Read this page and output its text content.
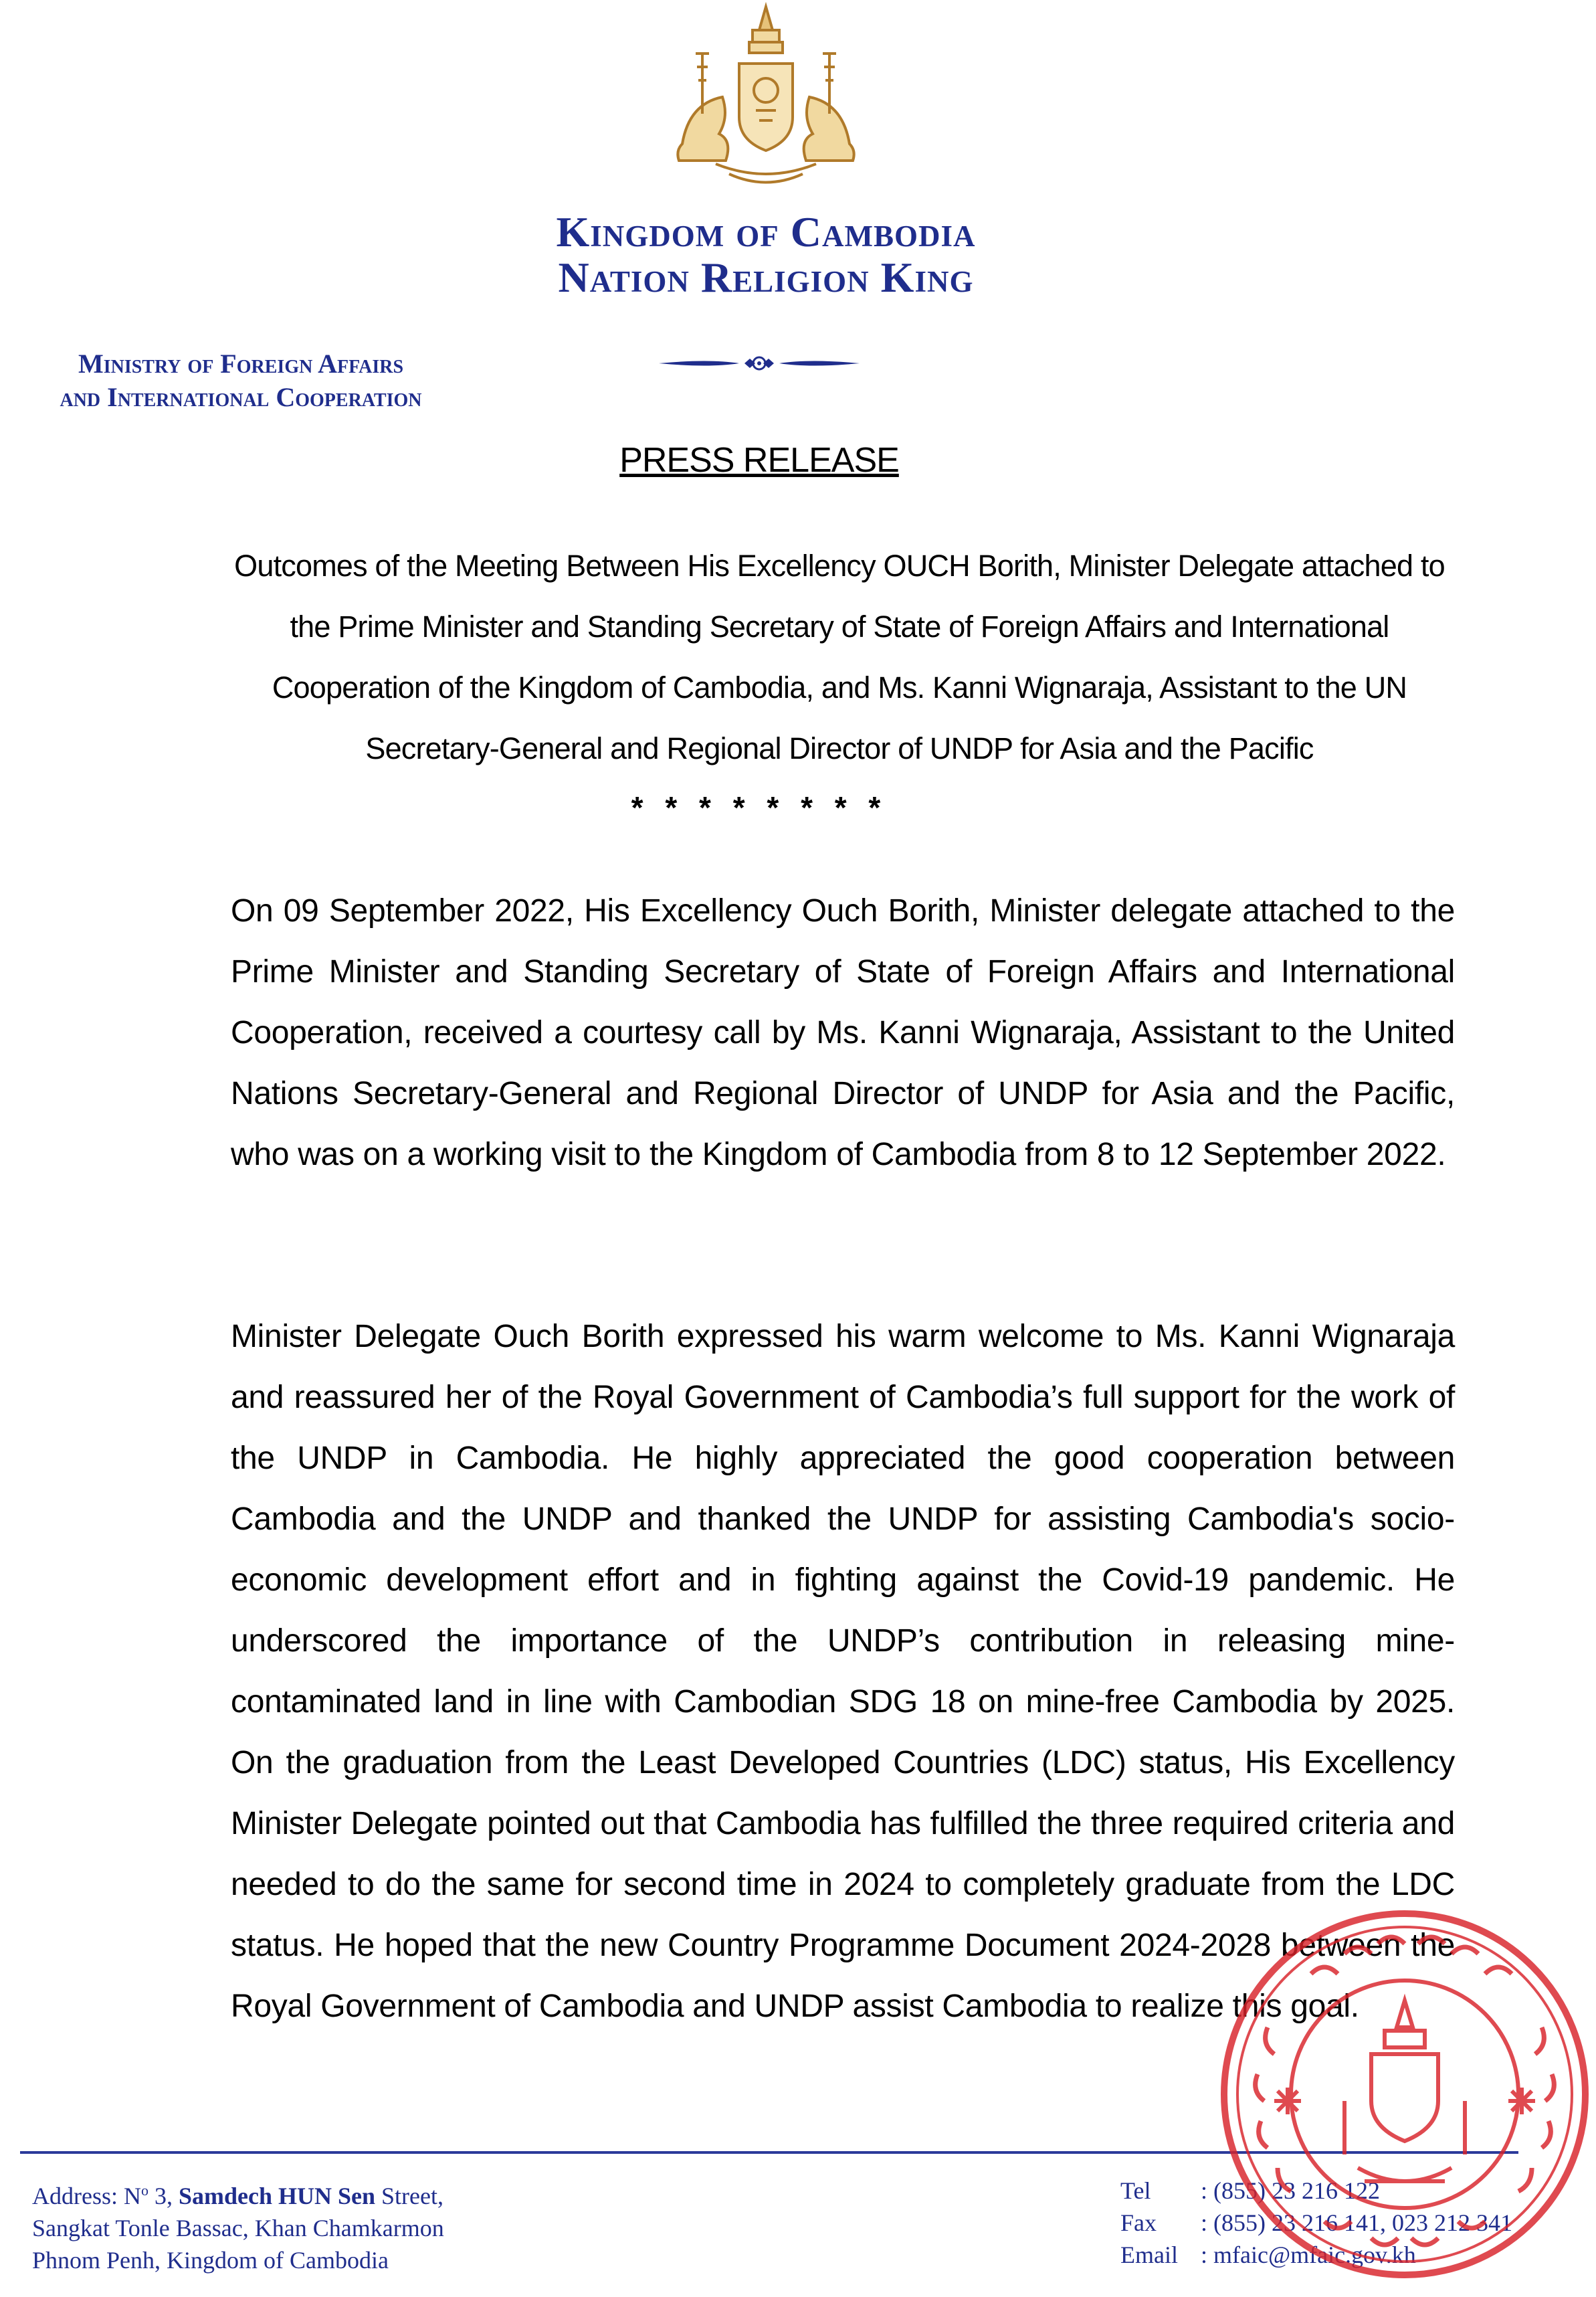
Kingdom of Cambodia
Nation Religion King
Ministry of Foreign Affairs
and International Cooperation
PRESS RELEASE
Outcomes of the Meeting Between His Excellency OUCH Borith, Minister Delegate attached to the Prime Minister and Standing Secretary of State of Foreign Affairs and International Cooperation of the Kingdom of Cambodia, and Ms. Kanni Wignaraja, Assistant to the UN Secretary-General and Regional Director of UNDP for Asia and the Pacific
* * * * * * * *
On 09 September 2022, His Excellency Ouch Borith, Minister delegate attached to the Prime Minister and Standing Secretary of State of Foreign Affairs and International Cooperation, received a courtesy call by Ms. Kanni Wignaraja, Assistant to the United Nations Secretary-General and Regional Director of UNDP for Asia and the Pacific, who was on a working visit to the Kingdom of Cambodia from 8 to 12 September 2022.
Minister Delegate Ouch Borith expressed his warm welcome to Ms. Kanni Wignaraja and reassured her of the Royal Government of Cambodia’s full support for the work of the UNDP in Cambodia. He highly appreciated the good cooperation between Cambodia and the UNDP and thanked the UNDP for assisting Cambodia's socio-economic development effort and in fighting against the Covid-19 pandemic. He underscored the importance of the UNDP’s contribution in releasing mine-contaminated land in line with Cambodian SDG 18 on mine-free Cambodia by 2025. On the graduation from the Least Developed Countries (LDC) status, His Excellency Minister Delegate pointed out that Cambodia has fulfilled the three required criteria and needed to do the same for second time in 2024 to completely graduate from the LDC status. He hoped that the new Country Programme Document 2024-2028 between the Royal Government of Cambodia and UNDP assist Cambodia to realize this goal.
Address: $N^o$ 3, Samdech HUN Sen Street,
Sangkat Tonle Bassac, Khan Chamkarmon
Phnom Penh, Kingdom of Cambodia
Tel	: (855) 23 216 122
Fax	: (855) 23 216 141, 023 212 341
Email : mfaic@mfaic.gov.kh
